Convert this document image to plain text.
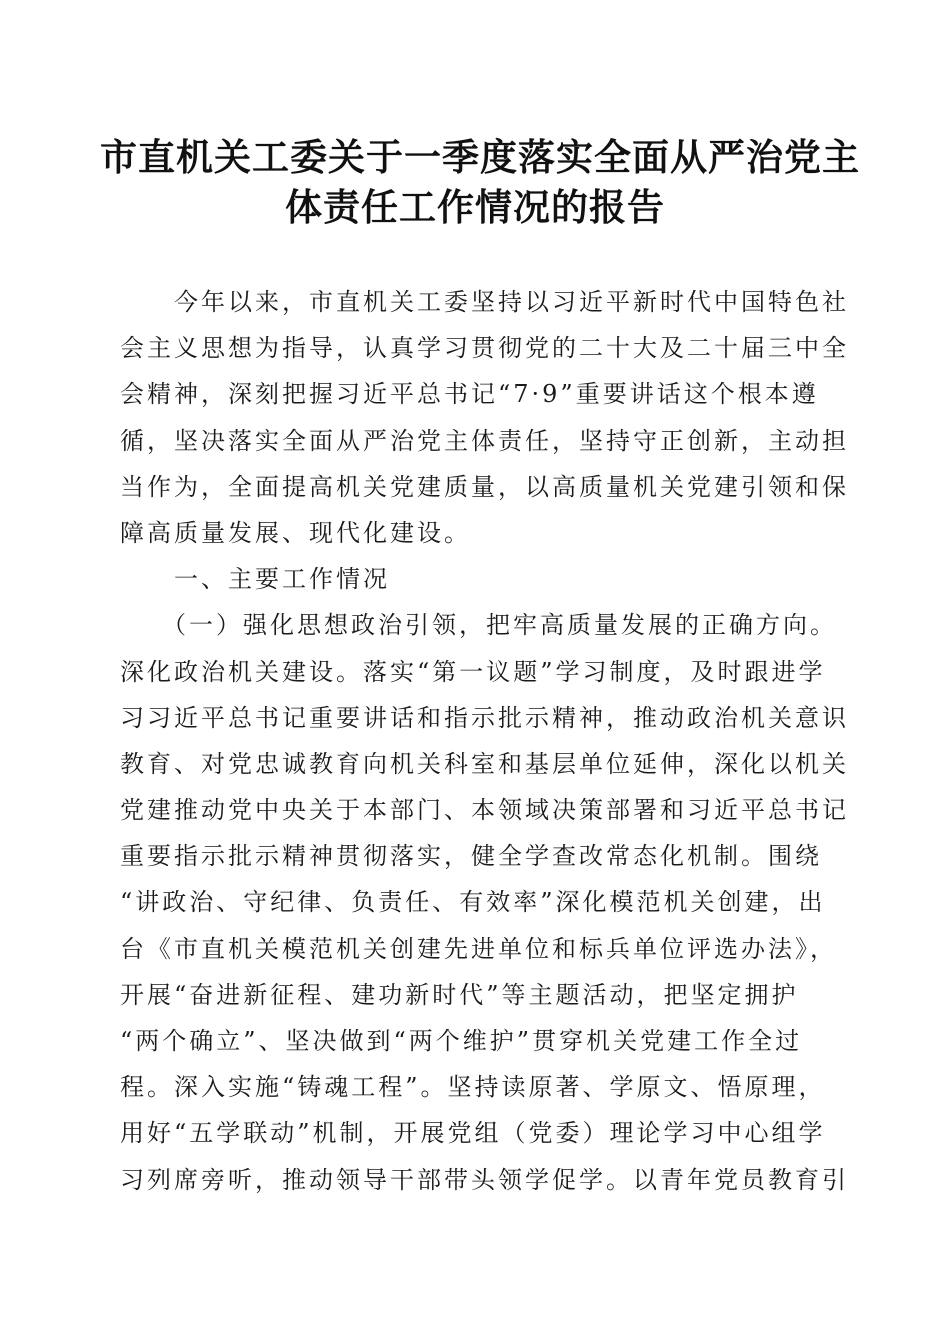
市直机关工委关于一季度落实全面从严治党主
体责任工作情况的报告
　　今年以来，市直机关工委坚持以习近平新时代中国特色社
会主义思想为指导，认真学习贯彻党的二十大及二十届三中全
会精神，深刻把握习近平总书记“7·9”重要讲话这个根本遵
循，坚决落实全面从严治党主体责任，坚持守正创新，主动担
当作为，全面提高机关党建质量，以高质量机关党建引领和保
障高质量发展、现代化建设。
　　一、主要工作情况
　　（一）强化思想政治引领，把牢高质量发展的正确方向。
深化政治机关建设。落实“第一议题”学习制度，及时跟进学
习习近平总书记重要讲话和指示批示精神，推动政治机关意识
教育、对党忠诚教育向机关科室和基层单位延伸，深化以机关
党建推动党中央关于本部门、本领域决策部署和习近平总书记
重要指示批示精神贯彻落实，健全学查改常态化机制。围绕
“讲政治、守纪律、负责任、有效率”深化模范机关创建，出
台《市直机关模范机关创建先进单位和标兵单位评选办法》，
开展“奋进新征程、建功新时代”等主题活动，把坚定拥护
“两个确立”、坚决做到“两个维护”贯穿机关党建工作全过
程。深入实施“铸魂工程”。坚持读原著、学原文、悟原理，
用好“五学联动”机制，开展党组（党委）理论学习中心组学
习列席旁听，推动领导干部带头领学促学。以青年党员教育引
